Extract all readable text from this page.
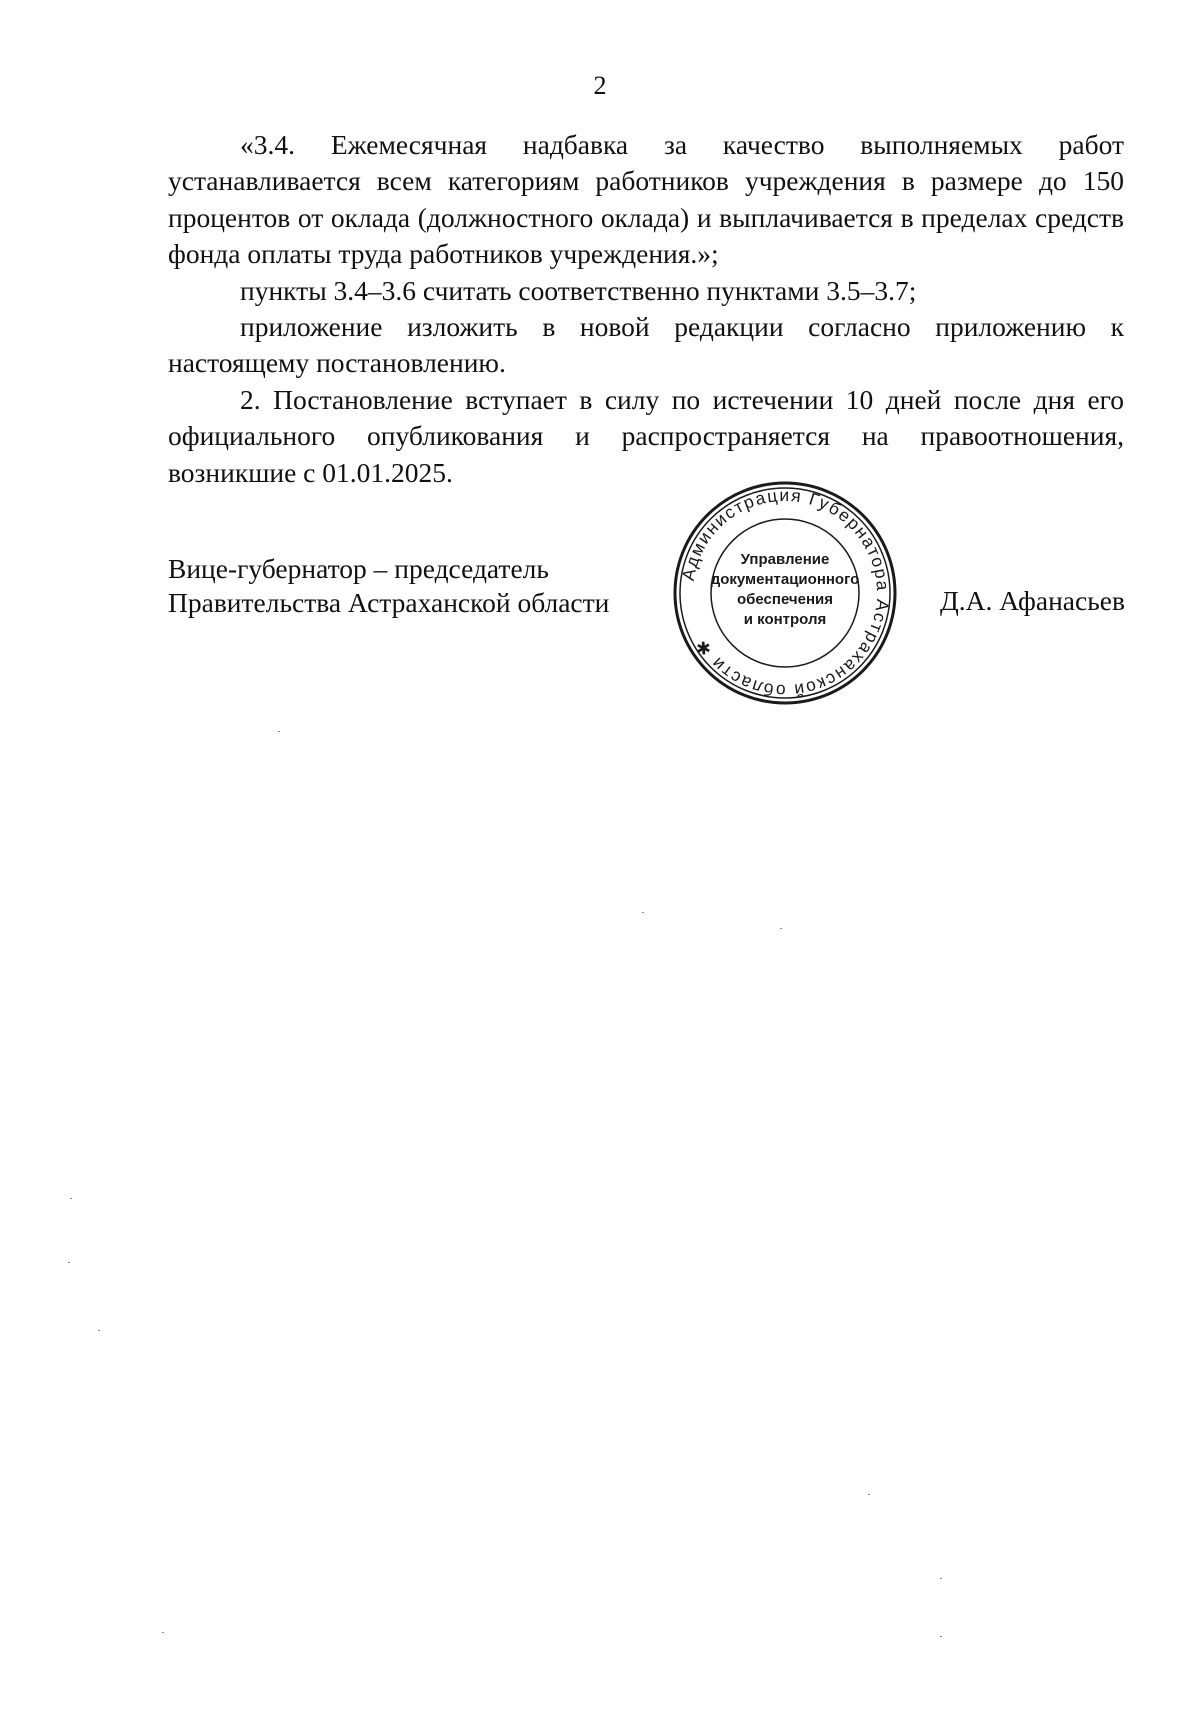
2

«3.4. Ежемесячная надбавка за качество выполняемых работ устанавливается всем категориям работников учреждения в размере до 150 процентов от оклада (должностного оклада) и выплачивается в пределах средств фонда оплаты труда работников учреждения.»;

пункты 3.4–3.6 считать соответственно пунктами 3.5–3.7;

приложение изложить в новой редакции согласно приложению к настоящему постановлению.

2. Постановление вступает в силу по истечении 10 дней после дня его официального опубликования и распространяется на правоотношения, возникшие с 01.01.2025.

Вице-губернатор – председатель
Правительства Астраханской области
Администрация Губернатора Астраханской области ✱
Управление
документационного
обеспечения
и контроля
Д.А. Афанасьев
